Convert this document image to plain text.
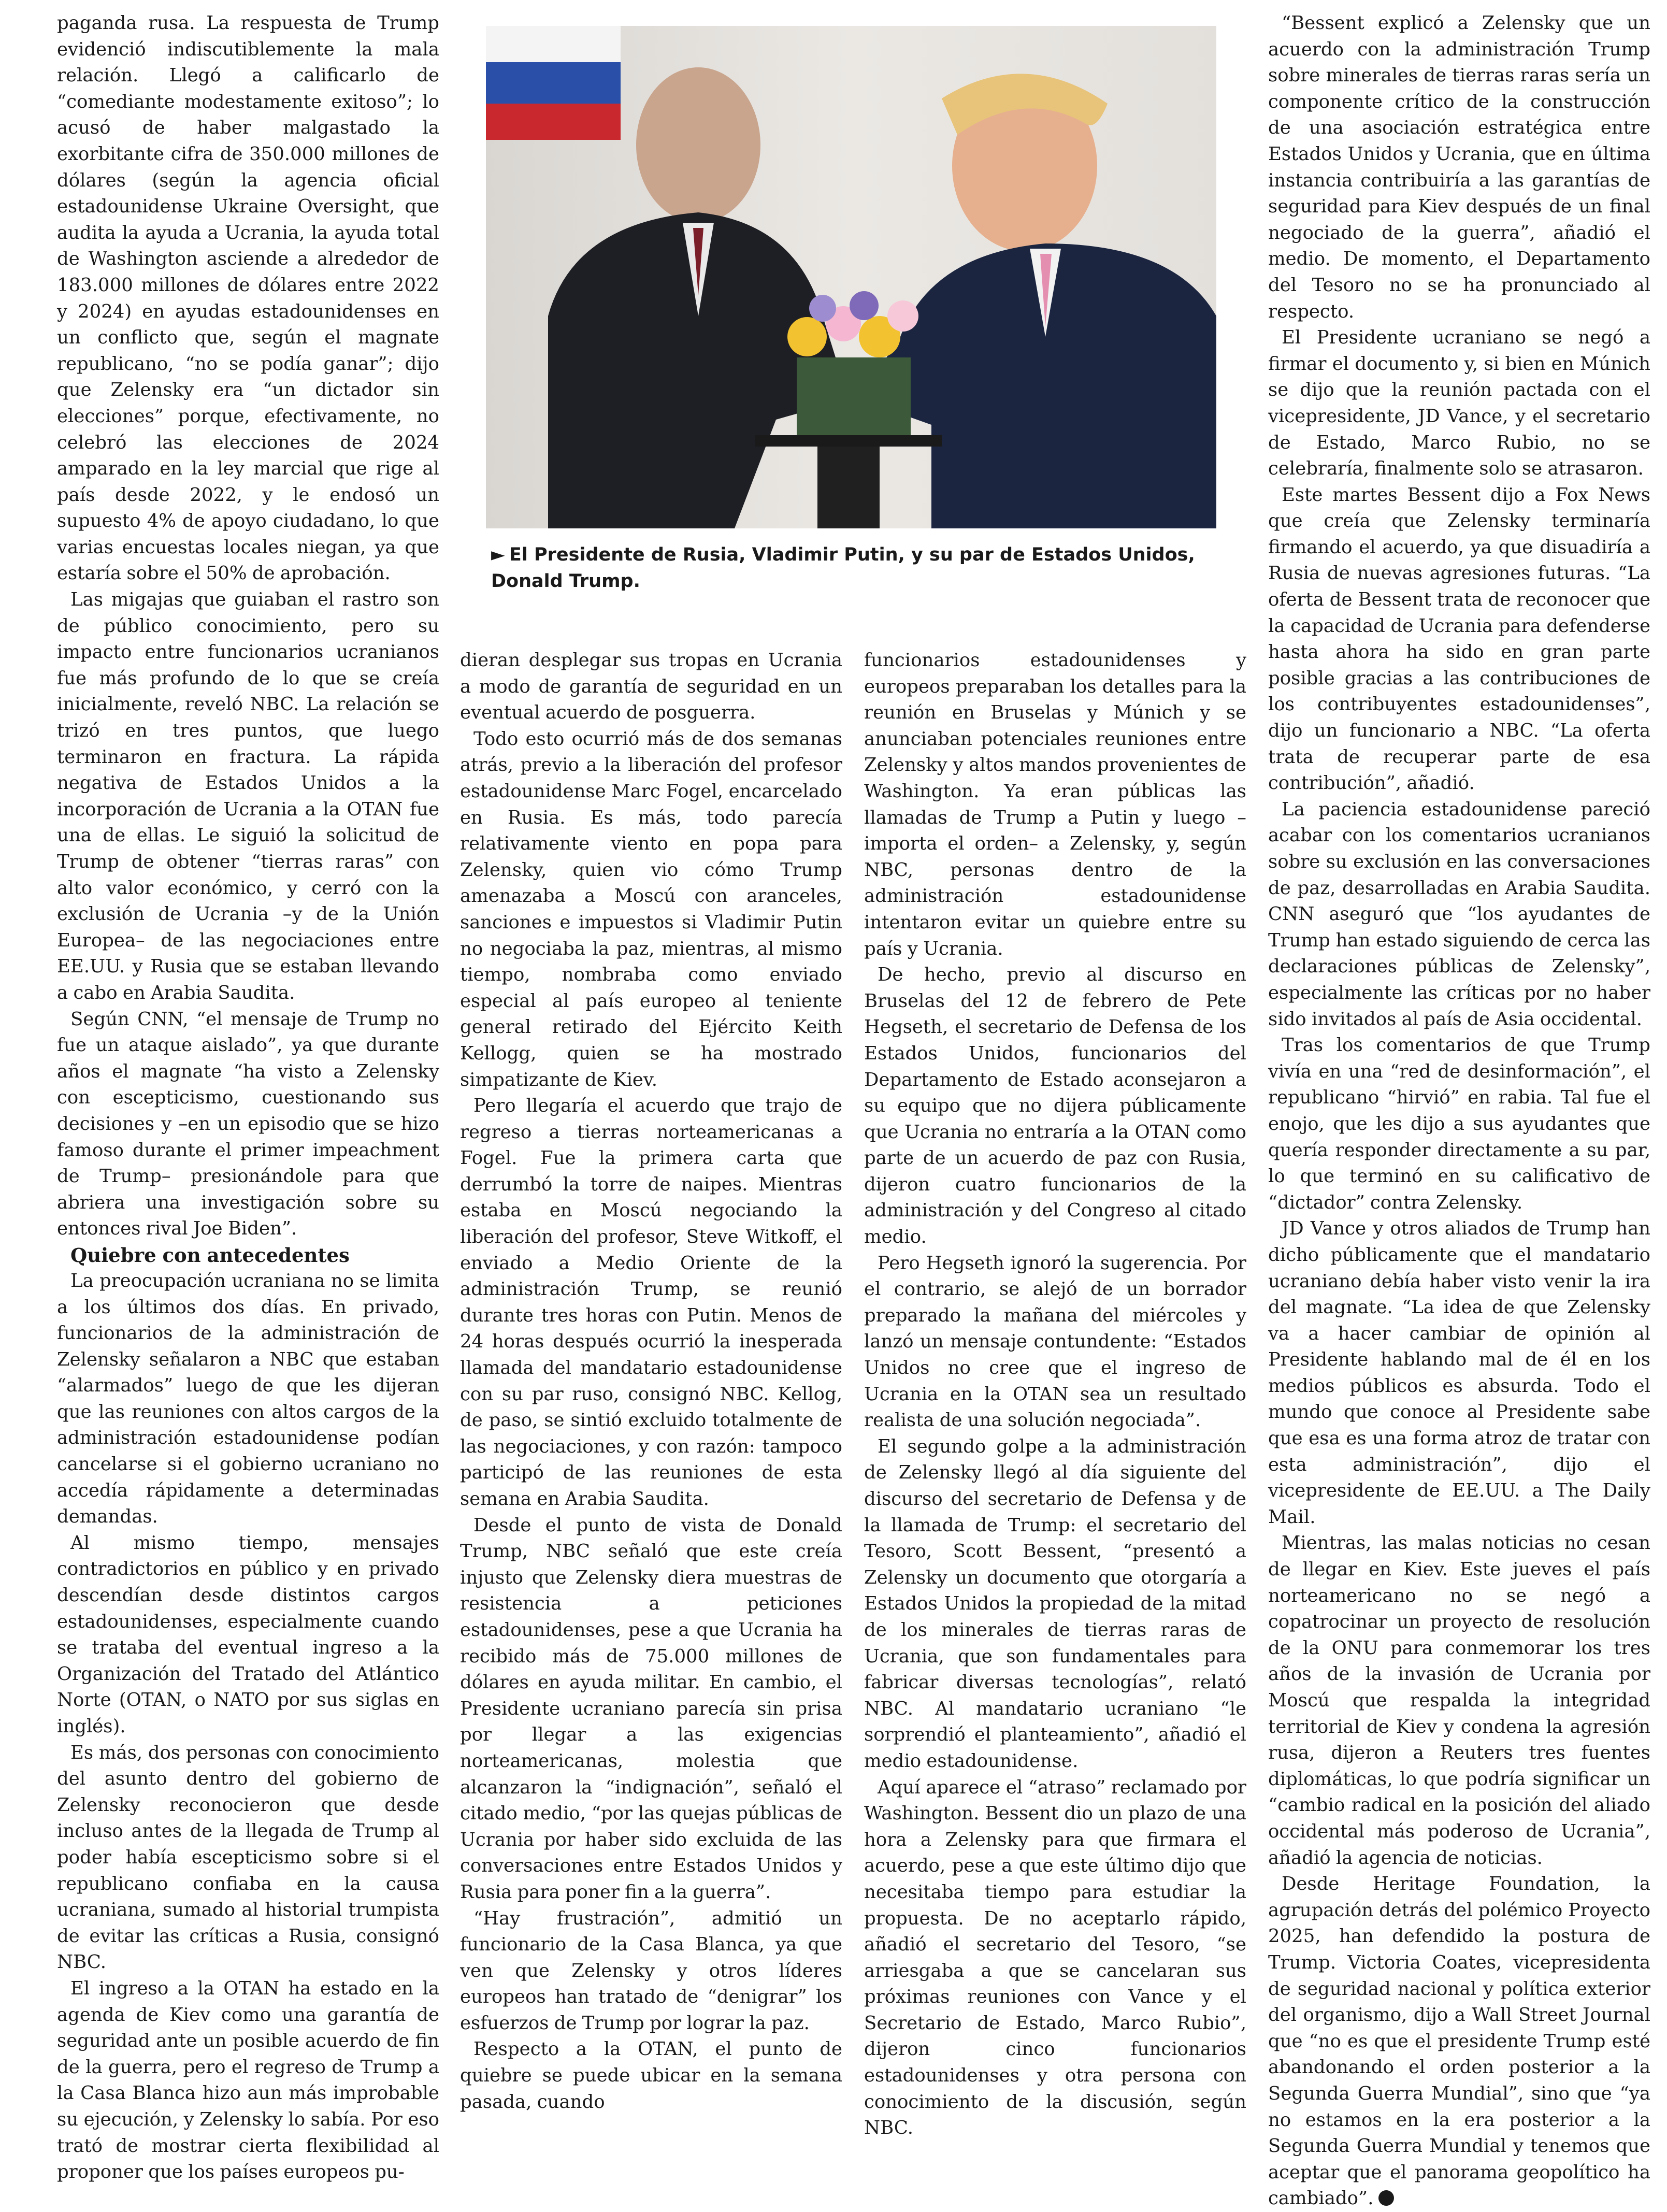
paganda rusa. La respuesta de Trump evidenció indiscutiblemente la mala relación. Llegó a calificarlo de “comediante modestamente exitoso”; lo acusó de haber malgastado la exorbitante cifra de 350.000 millones de dólares (según la agencia oficial estadounidense Ukraine Oversight, que audita la ayuda a Ucrania, la ayuda total de Washington asciende a alrededor de 183.000 millones de dólares entre 2022 y 2024) en ayudas estadounidenses en un conflicto que, según el magnate republicano, “no se podía ganar”; dijo que Zelensky era “un dictador sin elecciones” porque, efectivamente, no celebró las elecciones de 2024 amparado en la ley marcial que rige al país desde 2022, y le endosó un supuesto 4% de apoyo ciudadano, lo que varias encuestas locales niegan, ya que estaría sobre el 50% de aprobación.

Las migajas que guiaban el rastro son de público conocimiento, pero su impacto entre funcionarios ucranianos fue más profundo de lo que se creía inicialmente, reveló NBC. La relación se trizó en tres puntos, que luego terminaron en fractura. La rápida negativa de Estados Unidos a la incorporación de Ucrania a la OTAN fue una de ellas. Le siguió la solicitud de Trump de obtener “tierras raras” con alto valor económico, y cerró con la exclusión de Ucrania –y de la Unión Europea– de las negociaciones entre EE.UU. y Rusia que se estaban llevando a cabo en Arabia Saudita.

Según CNN, “el mensaje de Trump no fue un ataque aislado”, ya que durante años el magnate “ha visto a Zelensky con escepticismo, cuestionando sus decisiones y –en un episodio que se hizo famoso durante el primer impeachment de Trump– presionándole para que abriera una investigación sobre su entonces rival Joe Biden”.

Quiebre con antecedentes

La preocupación ucraniana no se limita a los últimos dos días. En privado, funcionarios de la administración de Zelensky señalaron a NBC que estaban “alarmados” luego de que les dijeran que las reuniones con altos cargos de la administración estadounidense podían cancelarse si el gobierno ucraniano no accedía rápidamente a determinadas demandas.

Al mismo tiempo, mensajes contradictorios en público y en privado descendían desde distintos cargos estadounidenses, especialmente cuando se trataba del eventual ingreso a la Organización del Tratado del Atlántico Norte (OTAN, o NATO por sus siglas en inglés).

Es más, dos personas con conocimiento del asunto dentro del gobierno de Zelensky reconocieron que desde incluso antes de la llegada de Trump al poder había escepticismo sobre si el republicano confiaba en la causa ucraniana, sumado al historial trumpista de evitar las críticas a Rusia, consignó NBC.

El ingreso a la OTAN ha estado en la agenda de Kiev como una garantía de seguridad ante un posible acuerdo de fin de la guerra, pero el regreso de Trump a la Casa Blanca hizo aun más improbable su ejecución, y Zelensky lo sabía. Por eso trató de mostrar cierta flexibilidad al proponer que los países europeos pu-

► El Presidente de Rusia, Vladimir Putin, y su par de Estados Unidos, Donald Trump.

dieran desplegar sus tropas en Ucrania a modo de garantía de seguridad en un eventual acuerdo de posguerra.

Todo esto ocurrió más de dos semanas atrás, previo a la liberación del profesor estadounidense Marc Fogel, encarcelado en Rusia. Es más, todo parecía relativamente viento en popa para Zelensky, quien vio cómo Trump amenazaba a Moscú con aranceles, sanciones e impuestos si Vladimir Putin no negociaba la paz, mientras, al mismo tiempo, nombraba como enviado especial al país europeo al teniente general retirado del Ejército Keith Kellogg, quien se ha mostrado simpatizante de Kiev.

Pero llegaría el acuerdo que trajo de regreso a tierras norteamericanas a Fogel. Fue la primera carta que derrumbó la torre de naipes. Mientras estaba en Moscú negociando la liberación del profesor, Steve Witkoff, el enviado a Medio Oriente de la administración Trump, se reunió durante tres horas con Putin. Menos de 24 horas después ocurrió la inesperada llamada del mandatario estadounidense con su par ruso, consignó NBC. Kellog, de paso, se sintió excluido totalmente de las negociaciones, y con razón: tampoco participó de las reuniones de esta semana en Arabia Saudita.

Desde el punto de vista de Donald Trump, NBC señaló que este creía injusto que Zelensky diera muestras de resistencia a peticiones estadounidenses, pese a que Ucrania ha recibido más de 75.000 millones de dólares en ayuda militar. En cambio, el Presidente ucraniano parecía sin prisa por llegar a las exigencias norteamericanas, molestia que alcanzaron la “indignación”, señaló el citado medio, “por las quejas públicas de Ucrania por haber sido excluida de las conversaciones entre Estados Unidos y Rusia para poner fin a la guerra”.

“Hay frustración”, admitió un funcionario de la Casa Blanca, ya que ven que Zelensky y otros líderes europeos han tratado de “denigrar” los esfuerzos de Trump por lograr la paz.

Respecto a la OTAN, el punto de quiebre se puede ubicar en la semana pasada, cuando

funcionarios estadounidenses y europeos preparaban los detalles para la reunión en Bruselas y Múnich y se anunciaban potenciales reuniones entre Zelensky y altos mandos provenientes de Washington. Ya eran públicas las llamadas de Trump a Putin y luego –importa el orden– a Zelensky, y, según NBC, personas dentro de la administración estadounidense intentaron evitar un quiebre entre su país y Ucrania.

De hecho, previo al discurso en Bruselas del 12 de febrero de Pete Hegseth, el secretario de Defensa de los Estados Unidos, funcionarios del Departamento de Estado aconsejaron a su equipo que no dijera públicamente que Ucrania no entraría a la OTAN como parte de un acuerdo de paz con Rusia, dijeron cuatro funcionarios de la administración y del Congreso al citado medio.

Pero Hegseth ignoró la sugerencia. Por el contrario, se alejó de un borrador preparado la mañana del miércoles y lanzó un mensaje contundente: “Estados Unidos no cree que el ingreso de Ucrania en la OTAN sea un resultado realista de una solución negociada”.

El segundo golpe a la administración de Zelensky llegó al día siguiente del discurso del secretario de Defensa y de la llamada de Trump: el secretario del Tesoro, Scott Bessent, “presentó a Zelensky un documento que otorgaría a Estados Unidos la propiedad de la mitad de los minerales de tierras raras de Ucrania, que son fundamentales para fabricar diversas tecnologías”, relató NBC. Al mandatario ucraniano “le sorprendió el planteamiento”, añadió el medio estadounidense.

Aquí aparece el “atraso” reclamado por Washington. Bessent dio un plazo de una hora a Zelensky para que firmara el acuerdo, pese a que este último dijo que necesitaba tiempo para estudiar la propuesta. De no aceptarlo rápido, añadió el secretario del Tesoro, “se arriesgaba a que se cancelaran sus próximas reuniones con Vance y el Secretario de Estado, Marco Rubio”, dijeron cinco funcionarios estadounidenses y otra persona con conocimiento de la discusión, según NBC.

“Bessent explicó a Zelensky que un acuerdo con la administración Trump sobre minerales de tierras raras sería un componente crítico de la construcción de una asociación estratégica entre Estados Unidos y Ucrania, que en última instancia contribuiría a las garantías de seguridad para Kiev después de un final negociado de la guerra”, añadió el medio. De momento, el Departamento del Tesoro no se ha pronunciado al respecto.

El Presidente ucraniano se negó a firmar el documento y, si bien en Múnich se dijo que la reunión pactada con el vicepresidente, JD Vance, y el secretario de Estado, Marco Rubio, no se celebraría, finalmente solo se atrasaron.

Este martes Bessent dijo a Fox News que creía que Zelensky terminaría firmando el acuerdo, ya que disuadiría a Rusia de nuevas agresiones futuras. “La oferta de Bessent trata de reconocer que la capacidad de Ucrania para defenderse hasta ahora ha sido en gran parte posible gracias a las contribuciones de los contribuyentes estadounidenses”, dijo un funcionario a NBC. “La oferta trata de recuperar parte de esa contribución”, añadió.

La paciencia estadounidense pareció acabar con los comentarios ucranianos sobre su exclusión en las conversaciones de paz, desarrolladas en Arabia Saudita. CNN aseguró que “los ayudantes de Trump han estado siguiendo de cerca las declaraciones públicas de Zelensky”, especialmente las críticas por no haber sido invitados al país de Asia occidental.

Tras los comentarios de que Trump vivía en una “red de desinformación”, el republicano “hirvió” en rabia. Tal fue el enojo, que les dijo a sus ayudantes que quería responder directamente a su par, lo que terminó en su calificativo de “dictador” contra Zelensky.

JD Vance y otros aliados de Trump han dicho públicamente que el mandatario ucraniano debía haber visto venir la ira del magnate. “La idea de que Zelensky va a hacer cambiar de opinión al Presidente hablando mal de él en los medios públicos es absurda. Todo el mundo que conoce al Presidente sabe que esa es una forma atroz de tratar con esta administración”, dijo el vicepresidente de EE.UU. a The Daily Mail.

Mientras, las malas noticias no cesan de llegar en Kiev. Este jueves el país norteamericano no se negó a copatrocinar un proyecto de resolución de la ONU para conmemorar los tres años de la invasión de Ucrania por Moscú que respalda la integridad territorial de Kiev y condena la agresión rusa, dijeron a Reuters tres fuentes diplomáticas, lo que podría significar un “cambio radical en la posición del aliado occidental más poderoso de Ucrania”, añadió la agencia de noticias.

Desde Heritage Foundation, la agrupación detrás del polémico Proyecto 2025, han defendido la postura de Trump. Victoria Coates, vicepresidenta de seguridad nacional y política exterior del organismo, dijo a Wall Street Journal que “no es que el presidente Trump esté abandonando el orden posterior a la Segunda Guerra Mundial”, sino que “ya no estamos en la era posterior a la Segunda Guerra Mundial y tenemos que aceptar que el panorama geopolítico ha cambiado”.
